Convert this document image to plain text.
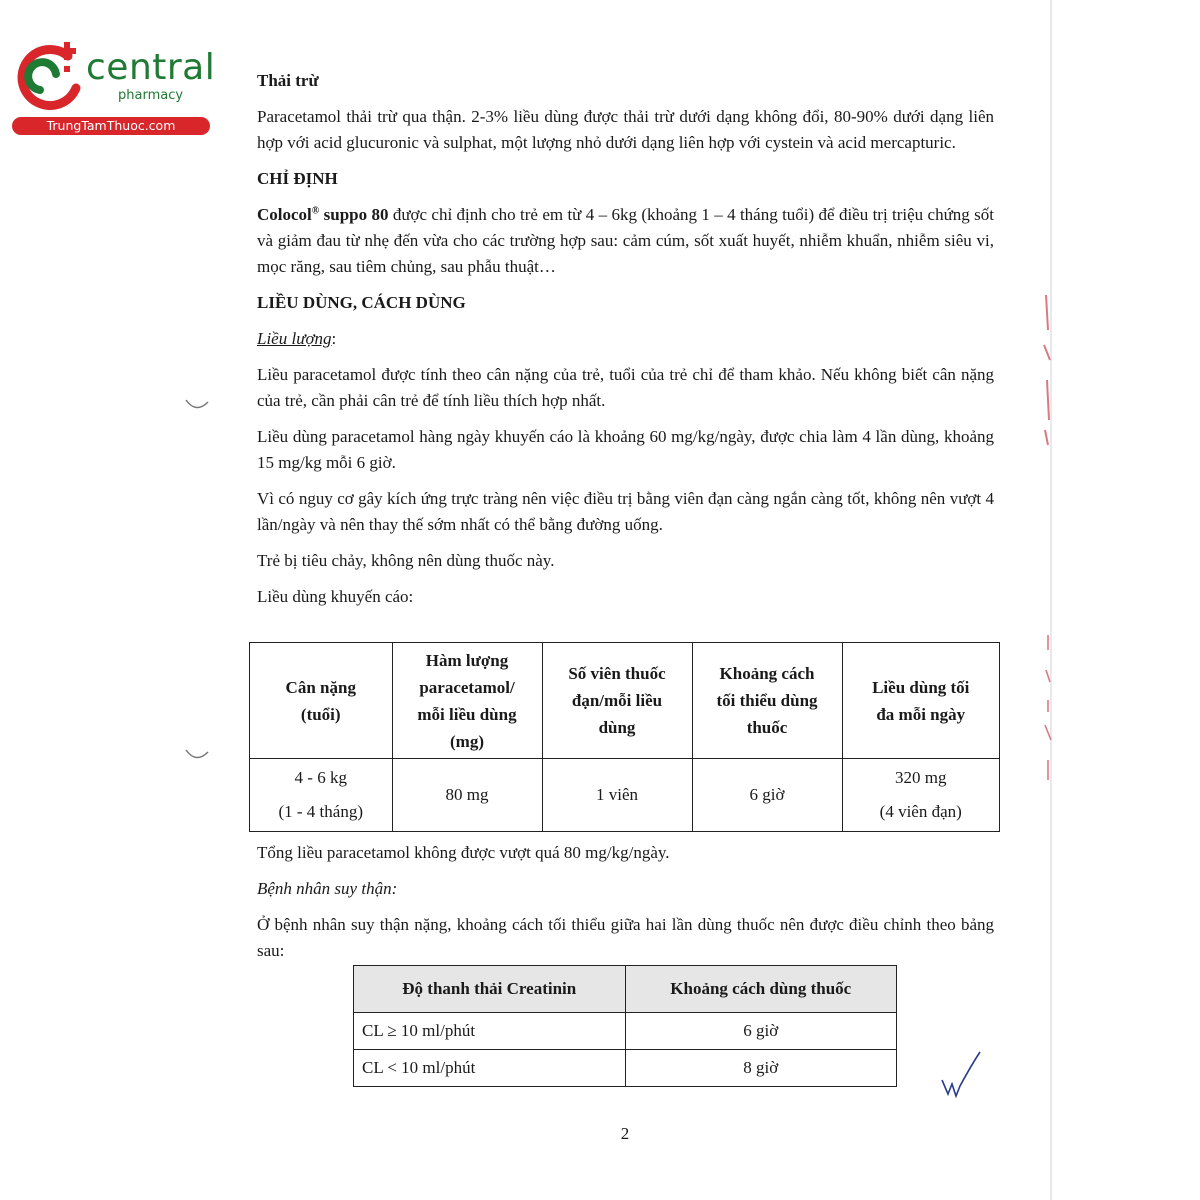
central
pharmacy
TrungTamThuoc.com
Thải trừ

Paracetamol thải trừ qua thận. 2-3% liều dùng được thải trừ dưới dạng không đổi, 80-90% dưới dạng liên hợp với acid glucuronic và sulphat, một lượng nhỏ dưới dạng liên hợp với cystein và acid mercapturic.

CHỈ ĐỊNH

Colocol® suppo 80 được chỉ định cho trẻ em từ 4 – 6kg (khoảng 1 – 4 tháng tuổi) để điều trị triệu chứng sốt và giảm đau từ nhẹ đến vừa cho các trường hợp sau: cảm cúm, sốt xuất huyết, nhiễm khuẩn, nhiễm siêu vi, mọc răng, sau tiêm chủng, sau phẫu thuật…

LIỀU DÙNG, CÁCH DÙNG

Liều lượng:

Liều paracetamol được tính theo cân nặng của trẻ, tuổi của trẻ chỉ để tham khảo. Nếu không biết cân nặng của trẻ, cần phải cân trẻ để tính liều thích hợp nhất.

Liều dùng paracetamol hàng ngày khuyến cáo là khoảng 60 mg/kg/ngày, được chia làm 4 lần dùng, khoảng 15 mg/kg mỗi 6 giờ.

Vì có nguy cơ gây kích ứng trực tràng nên việc điều trị bằng viên đạn càng ngắn càng tốt, không nên vượt 4 lần/ngày và nên thay thế sớm nhất có thể bằng đường uống.

Trẻ bị tiêu chảy, không nên dùng thuốc này.

Liều dùng khuyến cáo:

Cân nặng
(tuổi)	Hàm lượng
paracetamol/
mỗi liều dùng
(mg)	Số viên thuốc
đạn/mỗi liều
dùng	Khoảng cách
tối thiểu dùng
thuốc	Liều dùng tối
đa mỗi ngày
4 - 6 kg
(1 - 4 tháng)	80 mg	1 viên	6 giờ	320 mg
(4 viên đạn)

Tổng liều paracetamol không được vượt quá 80 mg/kg/ngày.

Bệnh nhân suy thận:

Ở bệnh nhân suy thận nặng, khoảng cách tối thiểu giữa hai lần dùng thuốc nên được điều chỉnh theo bảng sau:

Độ thanh thải Creatinin	Khoảng cách dùng thuốc
CL ≥ 10 ml/phút	6 giờ
CL < 10 ml/phút	8 giờ
2
